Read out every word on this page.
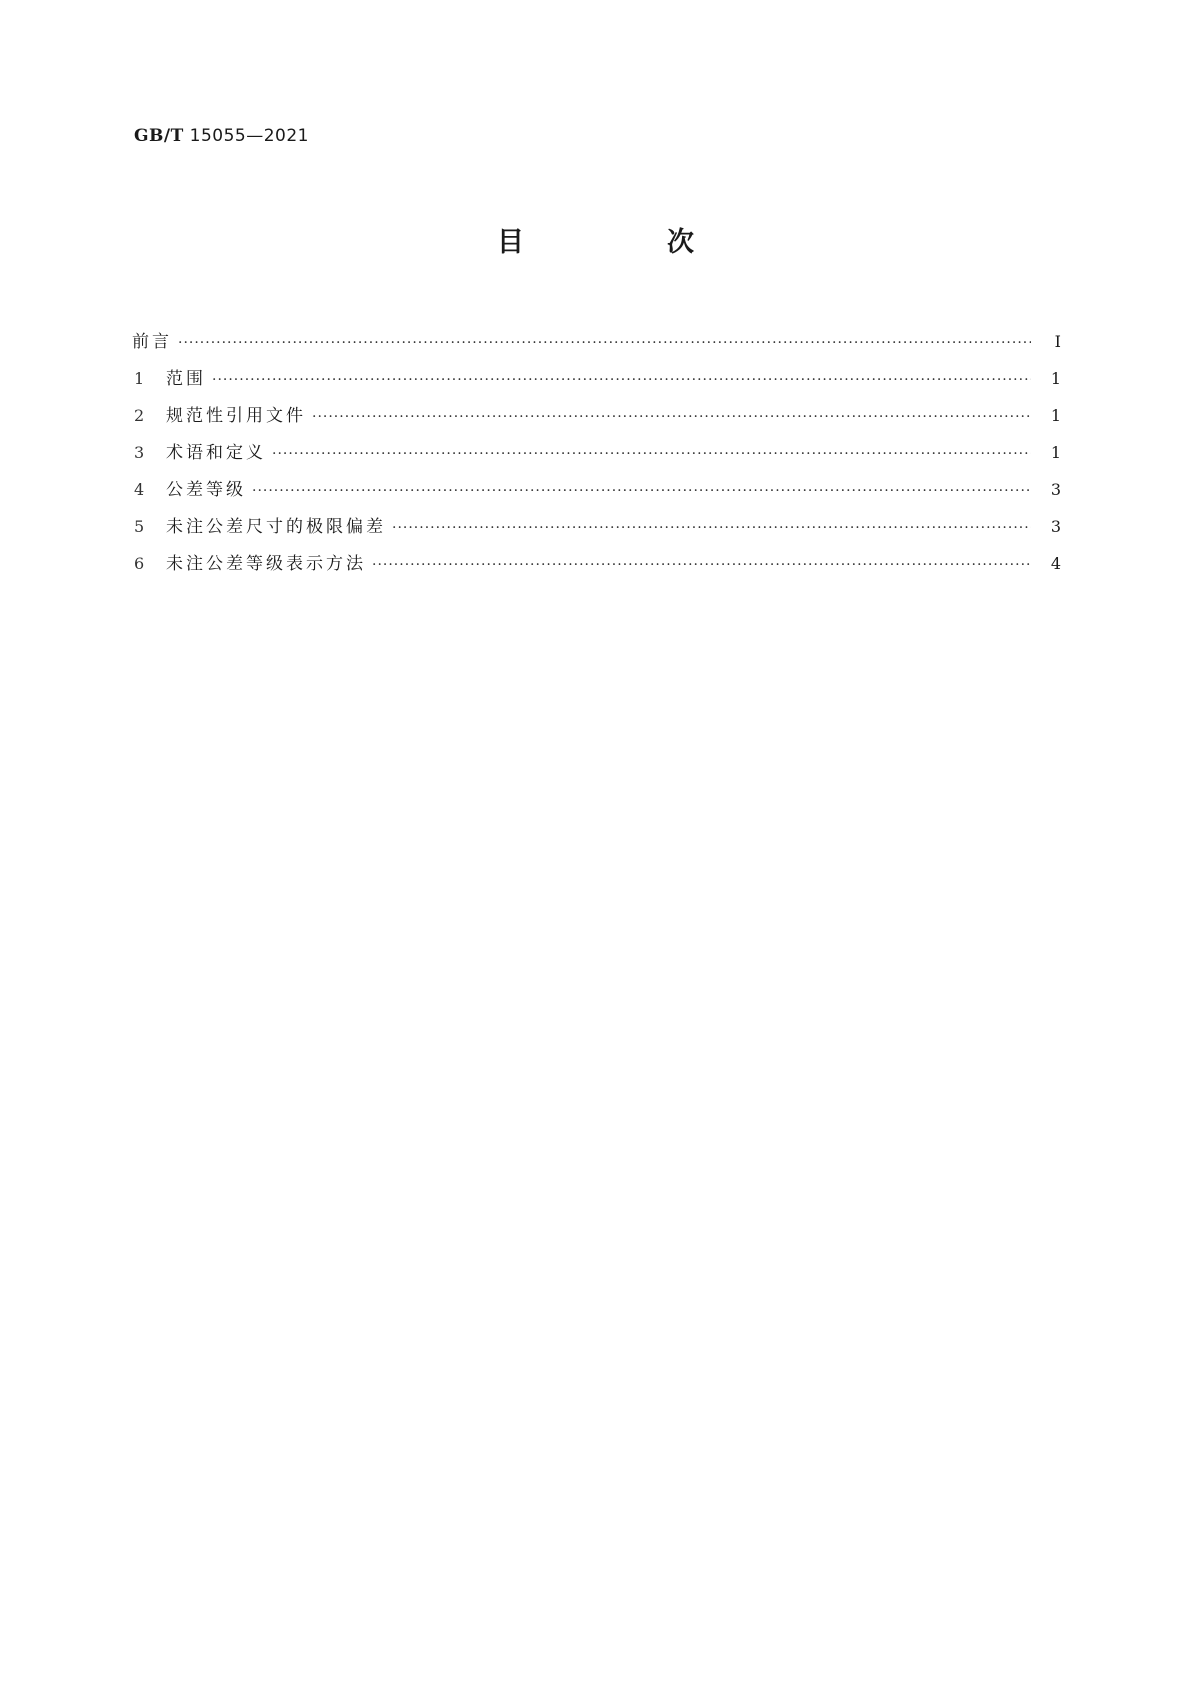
GB/T 15055—2021
目　次
前言 ·····	Ⅰ
1	范围 ·····	1
2	规范性引用文件 ·····	1
3	术语和定义 ·····	1
4	公差等级 ·····	3
5	未注公差尺寸的极限偏差 ·····	3
6	未注公差等级表示方法 ·····	4
